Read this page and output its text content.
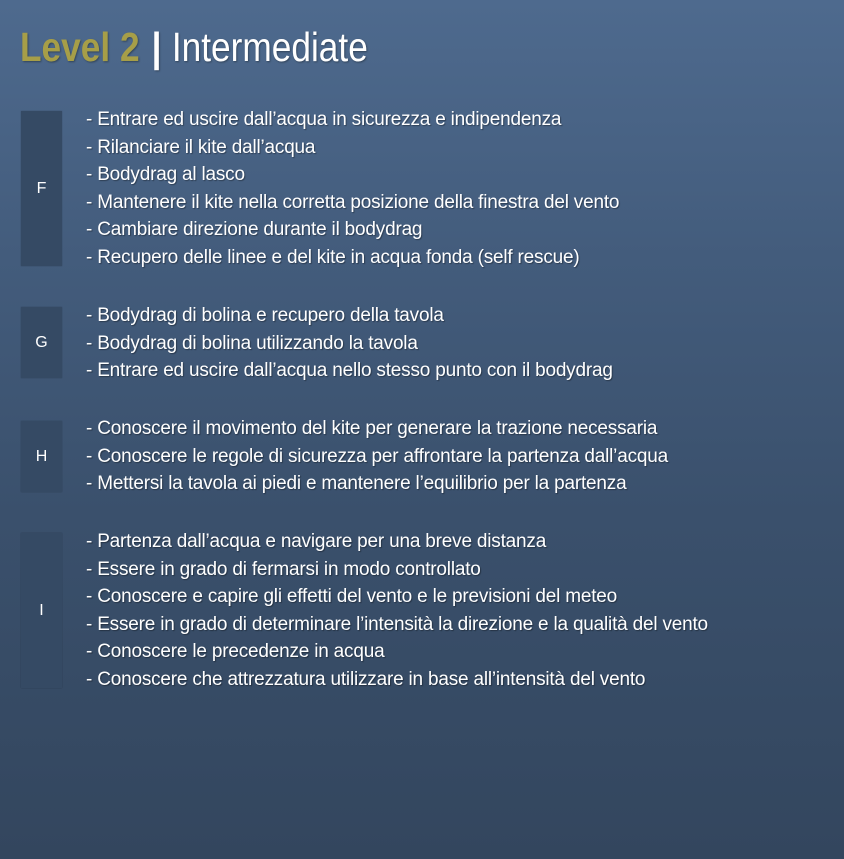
Level 2 | Intermediate
F
- Entrare ed uscire dall’acqua in sicurezza e indipendenza
- Rilanciare il kite dall’acqua
- Bodydrag al lasco
- Mantenere il kite nella corretta posizione della finestra del vento
- Cambiare direzione durante il bodydrag
- Recupero delle linee e del kite in acqua fonda (self rescue)
G
- Bodydrag di bolina e recupero della tavola
- Bodydrag di bolina utilizzando la tavola
- Entrare ed uscire dall’acqua nello stesso punto con il bodydrag
H
- Conoscere il movimento del kite per generare la trazione necessaria
- Conoscere le regole di sicurezza per affrontare la partenza dall’acqua
- Mettersi la tavola ai piedi e mantenere l’equilibrio per la partenza
I
- Partenza dall’acqua e navigare per una breve distanza
- Essere in grado di fermarsi in modo controllato
- Conoscere e capire gli effetti del vento e le previsioni del meteo
- Essere in grado di determinare l’intensità la direzione e la qualità del vento
- Conoscere le precedenze in acqua
- Conoscere che attrezzatura utilizzare in base all’intensità del vento
